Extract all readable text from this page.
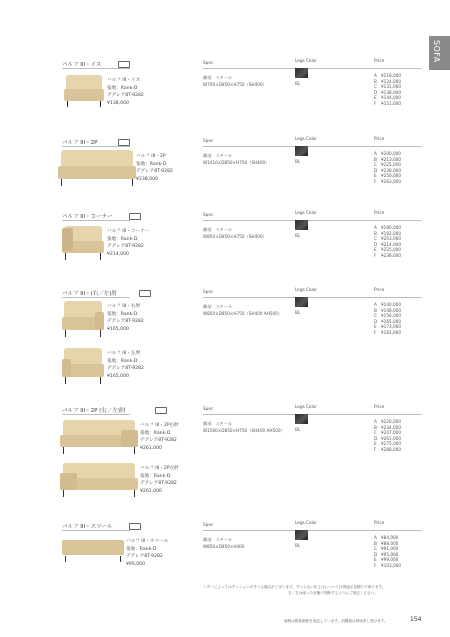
SOFA
バルフ III・イス	Spec	Legs Color	Price
脚部　スチール
W700×D850×H750（SH400）	BL
A ¥118,000
B ¥124,000
C ¥131,000
D ¥138,000
E ¥144,000
F ¥151,000
バルフ III・イス
張地：Rank-D
デグレア8T-9282
¥138,000
バルフ III・2P	Spec	Legs Color	Price
脚部　スチール
W1410×D850×H750（SH400）	BL
A ¥200,000
B ¥213,000
C ¥225,000
D ¥238,000
E ¥250,000
F ¥263,000
バルフ III・2P
張地：Rank-D
デグレア8T-9282
¥238,000
バルフ III・コーナー	Spec	Legs Color	Price
脚部　スチール
W850×D850×H750（SH400）	BL
A ¥180,000
B ¥192,000
C ¥203,000
D ¥214,000
E ¥225,000
F ¥236,000
バルフ III・コーナー
張地：Rank-D
デグレア8T-9282
¥214,000
バルフ III・(右／左)肘	Spec	Legs Color	Price
脚部　スチール
W850×D850×H750（SH400 AH500）	BL
A ¥140,000
B ¥148,000
C ¥156,000
D ¥165,000
E ¥173,000
F ¥181,000
バルフ III・右肘
張地：Rank-D
デグレア8T-9282
¥165,000
バルフ III・左肘
張地：Rank-D
デグレア8T-9282
¥165,000
バルフ III・2P (右／左)肘	Spec	Legs Color	Price
脚部　スチール
W1560×D850×H750（SH400 AH500） BL
A ¥220,000
B ¥234,000
C ¥247,000
D ¥261,000
E ¥275,000
F ¥288,000
バルフ III・2P右肘
張地：Rank-D
デグレア8T-9282
¥261,000
バルフ III・2P左肘
張地：Rank-D
デグレア8T-9282
¥261,000
バルフ III・スツール	Spec	Legs Color	Price
脚部　スチール
W850×D850×H400	BL
A ¥84,000
B ¥88,000
C ¥91,000
D ¥95,000
E ¥99,000
F ¥103,000
バルフ III・スツール
張地：Rank-D
デグレア8T-9282
¥95,000
レザーによってはクッションがすべる場合がございます。すべらない仕上げについては別途お見積りで承ります。
右／左は座った状態で判断するようにご指定ください。
価格は税抜価格を表記しています。消費税は別途申し受けます。	154
